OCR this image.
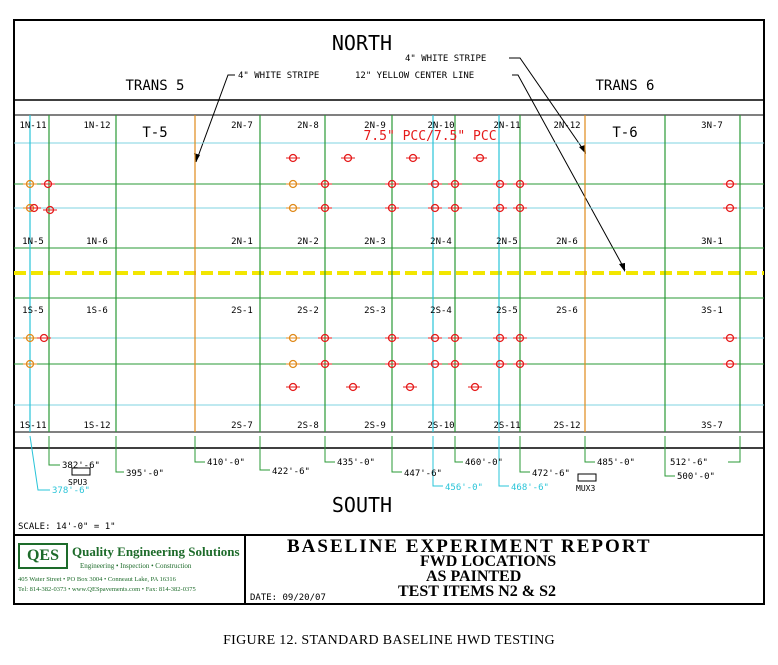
NORTH
TRANS 5	TRANS 6
4" WHITE STRIPE	12" YELLOW CENTER LINE
4" WHITE STRIPE
T-5	T-6
7.5" PCC/7.5" PCC
1N-11	1N-12	2N-7	2N-8	2N-9	2N-10	2N-11	2N-12	3N-7
1N-5	1N-6	2N-1	2N-2	2N-3	2N-4	2N-5	2N-6	3N-1
1S-5	1S-6	2S-1	2S-2	2S-3	2S-4	2S-5	2S-6	3S-1
1S-11	1S-12	2S-7	2S-8	2S-9	2S-10	2S-11	2S-12	3S-7
382'-6"
395'-0"
378'-6"
410'-0"
422'-6"
435'-0"
447'-6"
456'-0"
460'-0"
468'-6"
472'-6"
485'-0"	512'-6"
500'-0"
SPU3
MUX3
SOUTH
SCALE: 14'-0" = 1"
DATE: 09/20/07
QES	Quality Engineering Solutions
Engineering • Inspection • Construction
405 Water Street • PO Box 3004 • Conneaut Lake, PA 16316
Tel: 814-382-0373 • www.QESpavements.com • Fax: 814-382-0375
BASELINE EXPERIMENT REPORT
FWD LOCATIONS
AS PAINTED
TEST ITEMS N2 & S2
FIGURE 12. STANDARD BASELINE HWD TESTING
